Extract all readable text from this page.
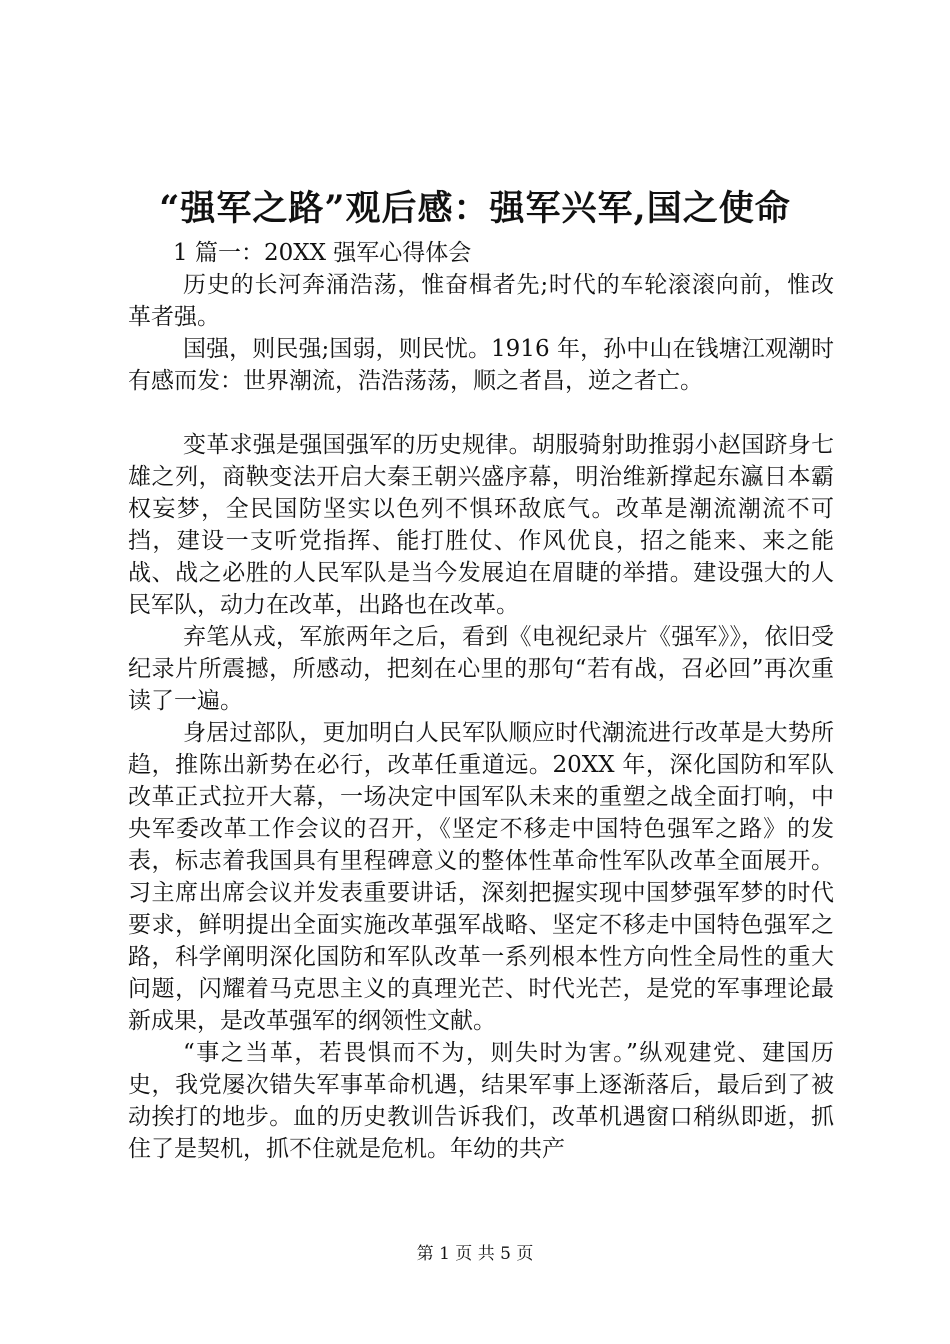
“强军之路”观后感：强军兴军,国之使命

1 篇一：20XX 强军心得体会

历史的长河奔涌浩荡，惟奋楫者先;时代的车轮滚滚向前，惟改革者强。

国强，则民强;国弱，则民忧。1916 年，孙中山在钱塘江观潮时有感而发：世界潮流，浩浩荡荡，顺之者昌，逆之者亡。

变革求强是强国强军的历史规律。胡服骑射助推弱小赵国跻身七雄之列，商鞅变法开启大秦王朝兴盛序幕，明治维新撑起东瀛日本霸权妄梦，全民国防坚实以色列不惧环敌底气。改革是潮流潮流不可挡，建设一支听党指挥、能打胜仗、作风优良，招之能来、来之能战、战之必胜的人民军队是当今发展迫在眉睫的举措。建设强大的人民军队，动力在改革，出路也在改革。

弃笔从戎，军旅两年之后，看到《电视纪录片《强军》》，依旧受纪录片所震撼，所感动，把刻在心里的那句“若有战，召必回”再次重读了一遍。

身居过部队，更加明白人民军队顺应时代潮流进行改革是大势所趋，推陈出新势在必行，改革任重道远。20XX 年，深化国防和军队改革正式拉开大幕，一场决定中国军队未来的重塑之战全面打响，中央军委改革工作会议的召开，《坚定不移走中国特色强军之路》的发表，标志着我国具有里程碑意义的整体性革命性军队改革全面展开。习主席出席会议并发表重要讲话，深刻把握实现中国梦强军梦的时代要求，鲜明提出全面实施改革强军战略、坚定不移走中国特色强军之路，科学阐明深化国防和军队改革一系列根本性方向性全局性的重大问题，闪耀着马克思主义的真理光芒、时代光芒，是党的军事理论最新成果，是改革强军的纲领性文献。

“事之当革，若畏惧而不为，则失时为害。”纵观建党、建国历史，我党屡次错失军事革命机遇，结果军事上逐渐落后，最后到了被动挨打的地步。血的历史教训告诉我们，改革机遇窗口稍纵即逝，抓住了是契机，抓不住就是危机。年幼的共产

第 1 页 共 5 页
